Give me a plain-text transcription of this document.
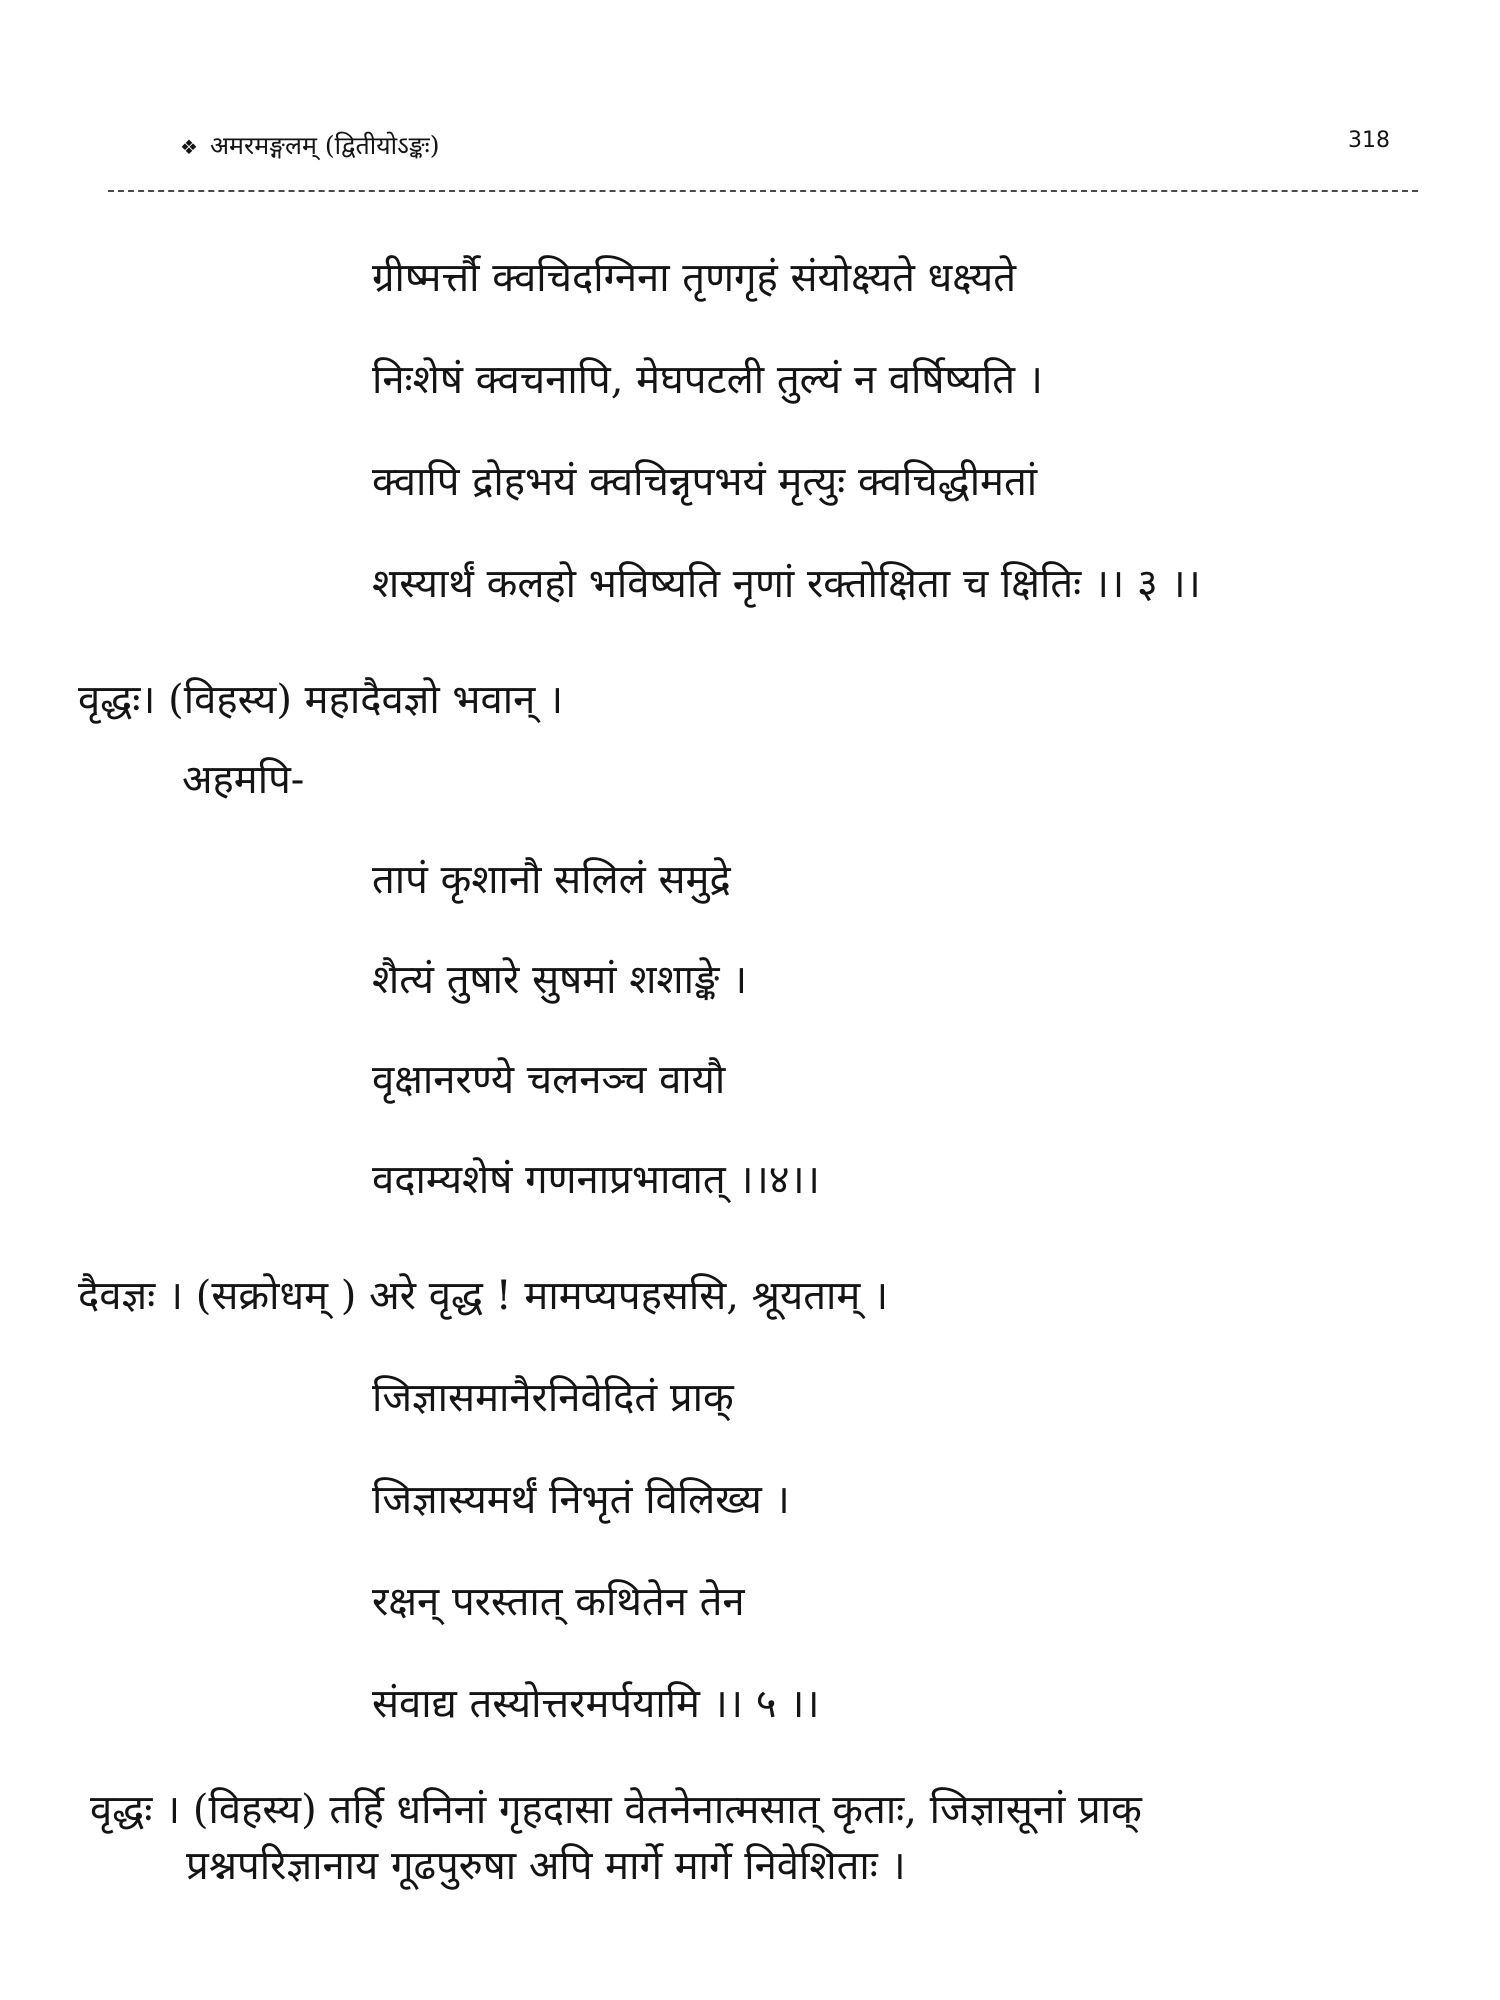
❖ अमरमङ्गलम् (द्वितीयोऽङ्कः)	318
ग्रीष्मर्त्तौ क्वचिदग्निना तृणगृहं संयोक्ष्यते धक्ष्यते
निःशेषं क्वचनापि, मेघपटली तुल्यं न वर्षिष्यति ।
क्वापि द्रोहभयं क्वचिन्नृपभयं मृत्युः क्वचिद्धीमतां
शस्यार्थं कलहो भविष्यति नृणां रक्तोक्षिता च क्षितिः ।। ३ ।।
वृद्धः। (विहस्य) महादैवज्ञो भवान् ।
अहमपि-
तापं कृशानौ सलिलं समुद्रे
शैत्यं तुषारे सुषमां शशाङ्के ।
वृक्षानरण्ये चलनञ्च वायौ
वदाम्यशेषं गणनाप्रभावात् ।।४।।
दैवज्ञः । (सक्रोधम् ) अरे वृद्ध ! मामप्यपहससि, श्रूयताम् ।
जिज्ञासमानैरनिवेदितं प्राक्
जिज्ञास्यमर्थं निभृतं विलिख्य ।
रक्षन् परस्तात् कथितेन तेन
संवाद्य तस्योत्तरमर्पयामि ।। ५ ।।
वृद्धः । (विहस्य) तर्हि धनिनां गृहदासा वेतनेनात्मसात् कृताः, जिज्ञासूनां प्राक्
प्रश्नपरिज्ञानाय गूढपुरुषा अपि मार्गे मार्गे निवेशिताः ।
